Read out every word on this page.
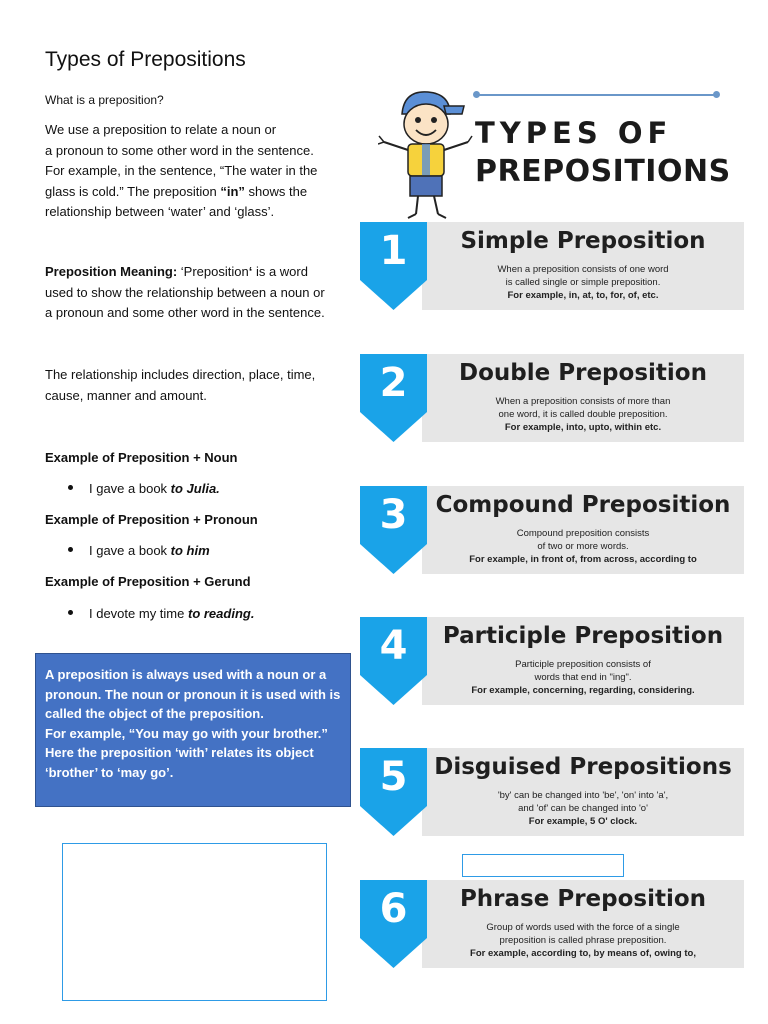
Types of Prepositions
What is a preposition?
We use a preposition to relate a noun or
a pronoun to some other word in the sentence.
For example, in the sentence, “The water in the
glass is cold.” The preposition “in” shows the
relationship between ‘water’ and ‘glass’.
Preposition Meaning: ‘Preposition‘ is a word
used to show the relationship between a noun or
a pronoun and some other word in the sentence.
The relationship includes direction, place, time,
cause, manner and amount.
Example of Preposition + Noun
I gave a book to Julia.
Example of Preposition + Pronoun
I gave a book to him
Example of Preposition + Gerund
I devote my time to reading.
A preposition is always used with a noun or a
pronoun. The noun or pronoun it is used with is
called the object of the preposition.
For example, “You may go with your brother.”
Here the preposition ‘with’ relates its object
‘brother’ to ‘may go’.
TYPES OF
PREPOSITIONS
1	Simple Preposition
When a preposition consists of one word
is called single or simple preposition.
For example, in, at, to, for, of, etc.
2	Double Preposition
When a preposition consists of more than
one word, it is called double preposition.
For example, into, upto, within etc.
3	Compound Preposition
Compound preposition consists
of two or more words.
For example, in front of, from across, according to
4	Participle Preposition
Participle preposition consists of
words that end in "ing".
For example, concerning, regarding, considering.
5	Disguised Prepositions
'by' can be changed into 'be', 'on' into 'a',
and 'of' can be changed into 'o'
For example, 5 O' clock.
6	Phrase Preposition
Group of words used with the force of a single
preposition is called phrase preposition.
For example, according to, by means of, owing to,
